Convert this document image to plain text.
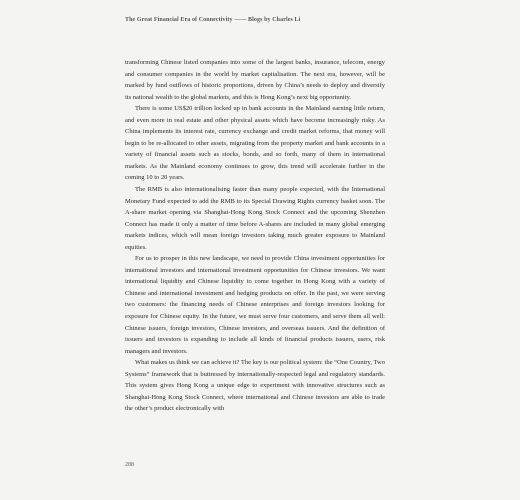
The Great Financial Era of Connectivity —— Blogs by Charles Li

transforming Chinese listed companies into some of the largest banks, insurance, telecom, energy and consumer companies in the world by market capitalisation. The next era, however, will be marked by fund outflows of historic proportions, driven by China’s needs to deploy and diversify its national wealth to the global markets, and this is Hong Kong’s next big opportunity.

There is some US$20 trillion locked up in bank accounts in the Mainland earning little return, and even more in real estate and other physical assets which have become increasingly risky. As China implements its interest rate, currency exchange and credit market reforms, that money will begin to be re-allocated to other assets, migrating from the property market and bank accounts to a variety of financial assets such as stocks, bonds, and so forth, many of them in international markets. As the Mainland economy continues to grow, this trend will accelerate further in the coming 10 to 20 years.

The RMB is also internationalising faster than many people expected, with the International Monetary Fund expected to add the RMB to its Special Drawing Rights currency basket soon. The A-share market opening via Shanghai-Hong Kong Stock Connect and the upcoming Shenzhen Connect has made it only a matter of time before A-shares are included in many global emerging markets indices, which will mean foreign investors taking much greater exposure to Mainland equities.

For us to prosper in this new landscape, we need to provide China investment opportunities for international investors and international investment opportunities for Chinese investors. We want international liquidity and Chinese liquidity to come together in Hong Kong with a variety of Chinese and international investment and hedging products on offer. In the past, we were serving two customers: the financing needs of Chinese enterprises and foreign investors looking for exposure for Chinese equity. In the future, we must serve four customers, and serve them all well: Chinese issuers, foreign investors, Chinese investors, and overseas issuers. And the definition of issuers and investors is expanding to include all kinds of financial products issuers, users, risk managers and investors.

What makes us think we can achieve it? The key is our political system: the “One Country, Two Systems” framework that is buttressed by internationally-respected legal and regulatory standards. This system gives Hong Kong a unique edge to experiment with innovative structures such as Shanghai-Hong Kong Stock Connect, where international and Chinese investors are able to trade the other’s product electronically with

288
